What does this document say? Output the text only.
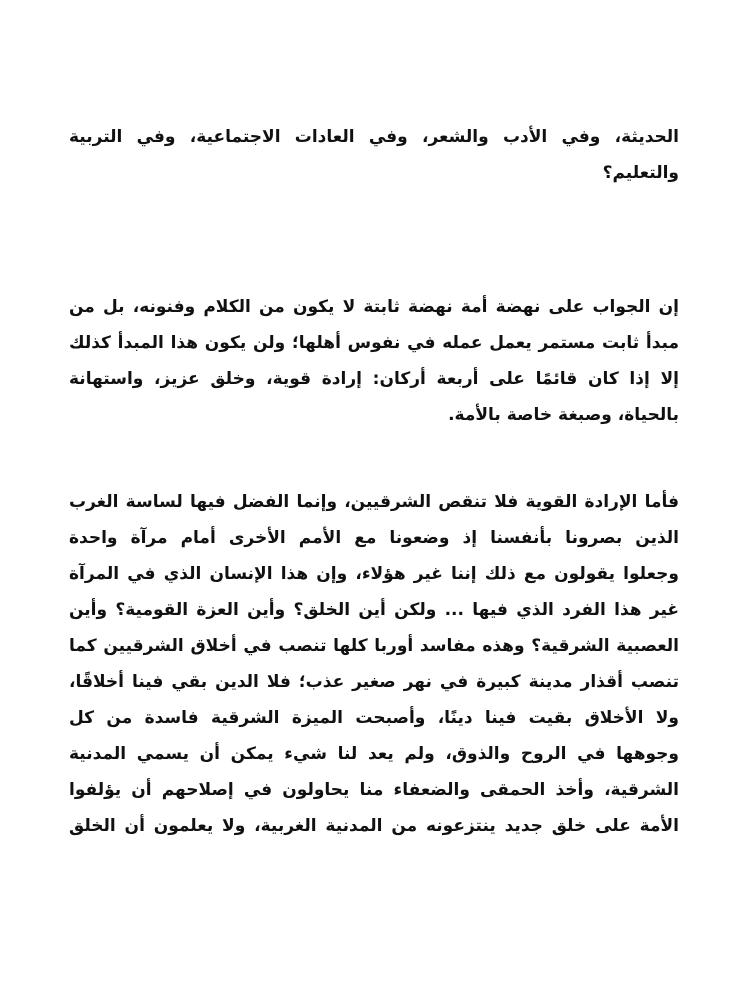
الحديثة، وفي الأدب والشعر، وفي العادات الاجتماعية، وفي التربية
والتعليم؟
إن الجواب على نهضة أمة نهضة ثابتة لا يكون من الكلام وفنونه، بل من
مبدأ ثابت مستمر يعمل عمله في نفوس أهلها؛ ولن يكون هذا المبدأ كذلك
إلا إذا كان قائمًا على أربعة أركان: إرادة قوية، وخلق عزيز، واستهانة
بالحياة، وصبغة خاصة بالأمة.
فأما الإرادة القوية فلا تنقص الشرقيين، وإنما الفضل فيها لساسة الغرب
الذين بصرونا بأنفسنا إذ وضعونا مع الأمم الأخرى أمام مرآة واحدة
وجعلوا يقولون مع ذلك إننا غير هؤلاء، وإن هذا الإنسان الذي في المرآة
غير هذا الفرد الذي فيها ... ولكن أين الخلق؟ وأين العزة القومية؟ وأين
العصبية الشرقية؟ وهذه مفاسد أوربا كلها تنصب في أخلاق الشرقيين كما
تنصب أقذار مدينة كبيرة في نهر صغير عذب؛ فلا الدين بقي فينا أخلاقًا،
ولا الأخلاق بقيت فينا دينًا، وأصبحت الميزة الشرقية فاسدة من كل
وجوهها في الروح والذوق، ولم يعد لنا شيء يمكن أن يسمي المدنية
الشرقية، وأخذ الحمقى والضعفاء منا يحاولون في إصلاحهم أن يؤلفوا
الأمة على خلق جديد ينتزعونه من المدنية الغربية، ولا يعلمون أن الخلق
